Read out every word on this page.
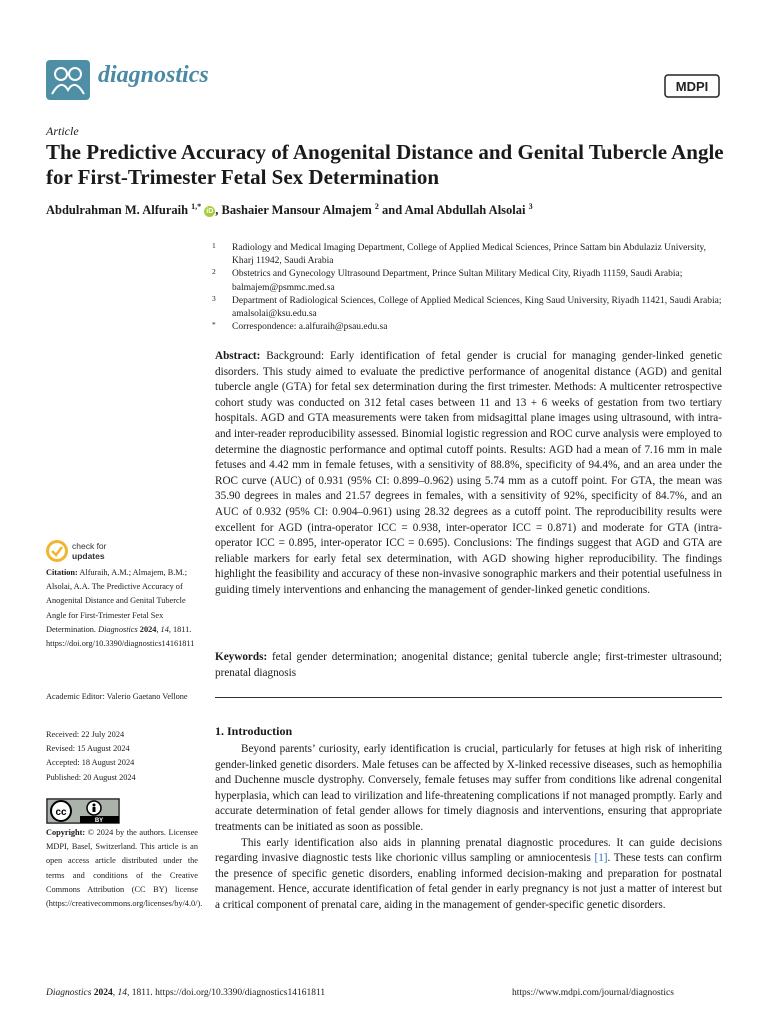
diagnostics	MDPI
Article
The Predictive Accuracy of Anogenital Distance and Genital Tubercle Angle for First-Trimester Fetal Sex Determination
Abdulrahman M. Alfuraih $^{1,*}$ iD , Bashaier Mansour Almajem $^2$ and Amal Abdullah Alsolai $^3$
1 Radiology and Medical Imaging Department, College of Applied Medical Sciences, Prince Sattam bin Abdulaziz University, Kharj 11942, Saudi Arabia
2 Obstetrics and Gynecology Ultrasound Department, Prince Sultan Military Medical City, Riyadh 11159, Saudi Arabia; balmajem@psmmc.med.sa
3 Department of Radiological Sciences, College of Applied Medical Sciences, King Saud University, Riyadh 11421, Saudi Arabia; amalsolai@ksu.edu.sa
* Correspondence: a.alfuraih@psau.edu.sa
Abstract: Background: Early identification of fetal gender is crucial for managing gender-linked genetic disorders. This study aimed to evaluate the predictive performance of anogenital distance (AGD) and genital tubercle angle (GTA) for fetal sex determination during the first trimester. Methods: A multicenter retrospective cohort study was conducted on 312 fetal cases between 11 and 13 + 6 weeks of gestation from two tertiary hospitals. AGD and GTA measurements were taken from midsagittal plane images using ultrasound, with intra- and inter-reader reproducibility assessed. Binomial logistic regression and ROC curve analysis were employed to determine the diagnostic performance and optimal cutoff points. Results: AGD had a mean of 7.16 mm in male fetuses and 4.42 mm in female fetuses, with a sensitivity of 88.8%, specificity of 94.4%, and an area under the ROC curve (AUC) of 0.931 (95% CI: 0.899–0.962) using 5.74 mm as a cutoff point. For GTA, the mean was 35.90 degrees in males and 21.57 degrees in females, with a sensitivity of 92%, specificity of 84.7%, and an AUC of 0.932 (95% CI: 0.904–0.961) using 28.32 degrees as a cutoff point. The reproducibility results were excellent for AGD (intra-operator ICC = 0.938, inter-operator ICC = 0.871) and moderate for GTA (intra-operator ICC = 0.895, inter-operator ICC = 0.695). Conclusions: The findings suggest that AGD and GTA are reliable markers for early fetal sex determination, with AGD showing higher reproducibility. The findings highlight the feasibility and accuracy of these non-invasive sonographic markers and their potential usefulness in guiding timely interventions and enhancing the management of gender-linked genetic conditions.
Keywords: fetal gender determination; anogenital distance; genital tubercle angle; first-trimester ultrasound; prenatal diagnosis
1. Introduction

Beyond parents’ curiosity, early identification is crucial, particularly for fetuses at high risk of inheriting gender-linked genetic disorders. Male fetuses can be affected by X-linked recessive diseases, such as hemophilia and Duchenne muscle dystrophy. Conversely, female fetuses may suffer from conditions like adrenal congenital hyperplasia, which can lead to virilization and life-threatening complications if not managed promptly. Early and accurate determination of fetal gender allows for timely diagnosis and interventions, ensuring that appropriate treatments can be initiated as soon as possible.

This early identification also aids in planning prenatal diagnostic procedures. It can guide decisions regarding invasive diagnostic tests like chorionic villus sampling or amniocentesis [1]. These tests can confirm the presence of specific genetic disorders, enabling informed decision-making and preparation for postnatal management. Hence, accurate identification of fetal gender in early pregnancy is not just a matter of interest but a critical component of prenatal care, aiding in the management of gender-specific genetic disorders.

check for
updates
Citation: Alfuraih, A.M.; Almajem, B.M.; Alsolai, A.A. The Predictive Accuracy of Anogenital Distance and Genital Tubercle Angle for First-Trimester Fetal Sex Determination. Diagnostics 2024, 14, 1811. https://doi.org/10.3390/diagnostics14161811
Academic Editor: Valerio Gaetano Vellone
Received: 22 July 2024
Revised: 15 August 2024
Accepted: 18 August 2024
Published: 20 August 2024
cc
BY
Copyright: © 2024 by the authors. Licensee MDPI, Basel, Switzerland. This article is an open access article distributed under the terms and conditions of the Creative Commons Attribution (CC BY) license (https://creativecommons.org/licenses/by/4.0/).
Diagnostics 2024, 14, 1811. https://doi.org/10.3390/diagnostics14161811	https://www.mdpi.com/journal/diagnostics
